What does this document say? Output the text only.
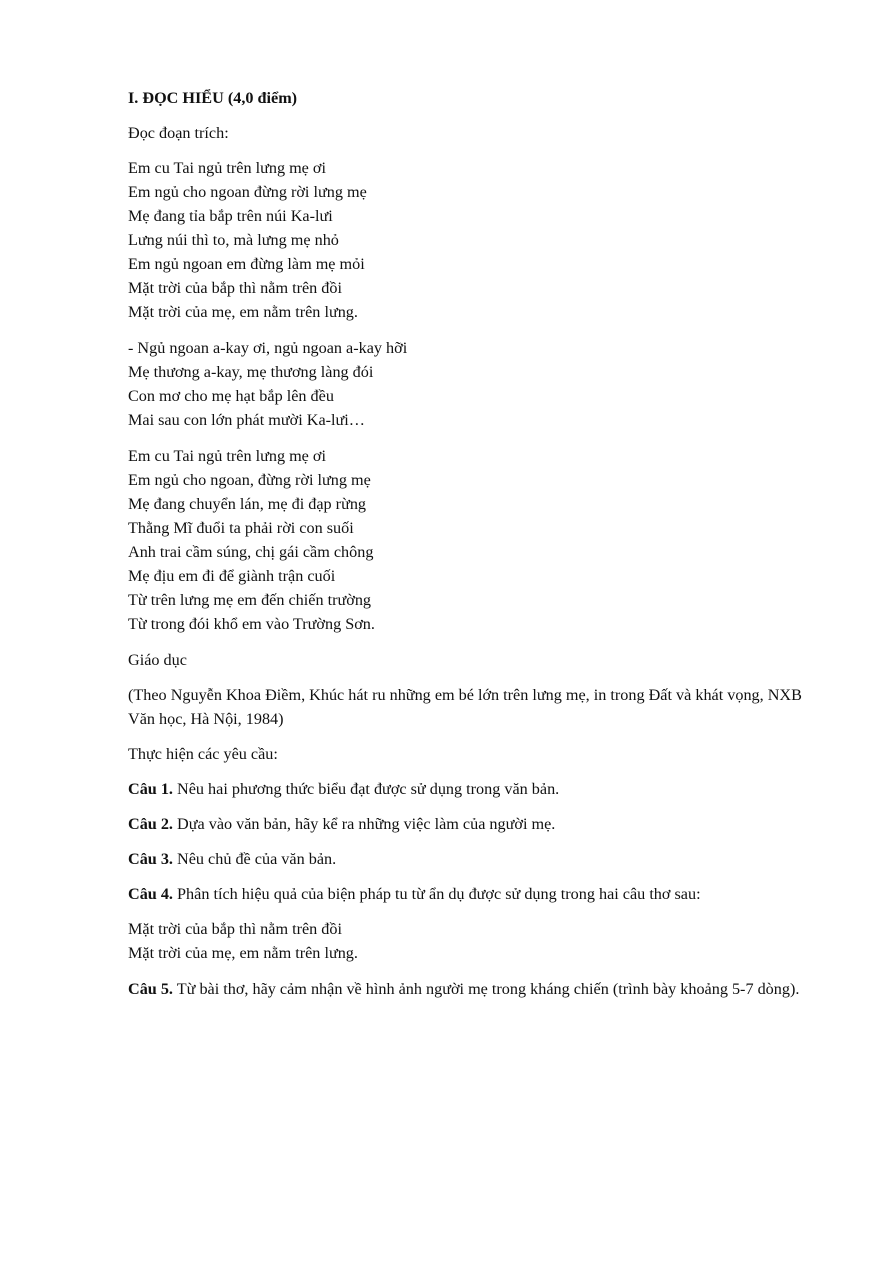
I. ĐỌC HIỂU (4,0 điểm)
Đọc đoạn trích:
Em cu Tai ngủ trên lưng mẹ ơi
Em ngủ cho ngoan đừng rời lưng mẹ
Mẹ đang tỉa bắp trên núi Ka-lưi
Lưng núi thì to, mà lưng mẹ nhỏ
Em ngủ ngoan em đừng làm mẹ mỏi
Mặt trời của bắp thì nằm trên đồi
Mặt trời của mẹ, em nằm trên lưng.
- Ngủ ngoan a-kay ơi, ngủ ngoan a-kay hỡi
Mẹ thương a-kay, mẹ thương làng đói
Con mơ cho mẹ hạt bắp lên đều
Mai sau con lớn phát mười Ka-lưi…
Em cu Tai ngủ trên lưng mẹ ơi
Em ngủ cho ngoan, đừng rời lưng mẹ
Mẹ đang chuyển lán, mẹ đi đạp rừng
Thằng Mĩ đuổi ta phải rời con suối
Anh trai cầm súng, chị gái cầm chông
Mẹ địu em đi để giành trận cuối
Từ trên lưng mẹ em đến chiến trường
Từ trong đói khổ em vào Trường Sơn.
Giáo dục
(Theo Nguyễn Khoa Điềm, Khúc hát ru những em bé lớn trên lưng mẹ, in trong Đất và khát vọng, NXB Văn học, Hà Nội, 1984)
Thực hiện các yêu cầu:
Câu 1. Nêu hai phương thức biểu đạt được sử dụng trong văn bản.
Câu 2. Dựa vào văn bản, hãy kể ra những việc làm của người mẹ.
Câu 3. Nêu chủ đề của văn bản.
Câu 4. Phân tích hiệu quả của biện pháp tu từ ẩn dụ được sử dụng trong hai câu thơ sau:
Mặt trời của bắp thì nằm trên đồi
Mặt trời của mẹ, em nằm trên lưng.
Câu 5. Từ bài thơ, hãy cảm nhận về hình ảnh người mẹ trong kháng chiến (trình bày khoảng 5-7 dòng).
